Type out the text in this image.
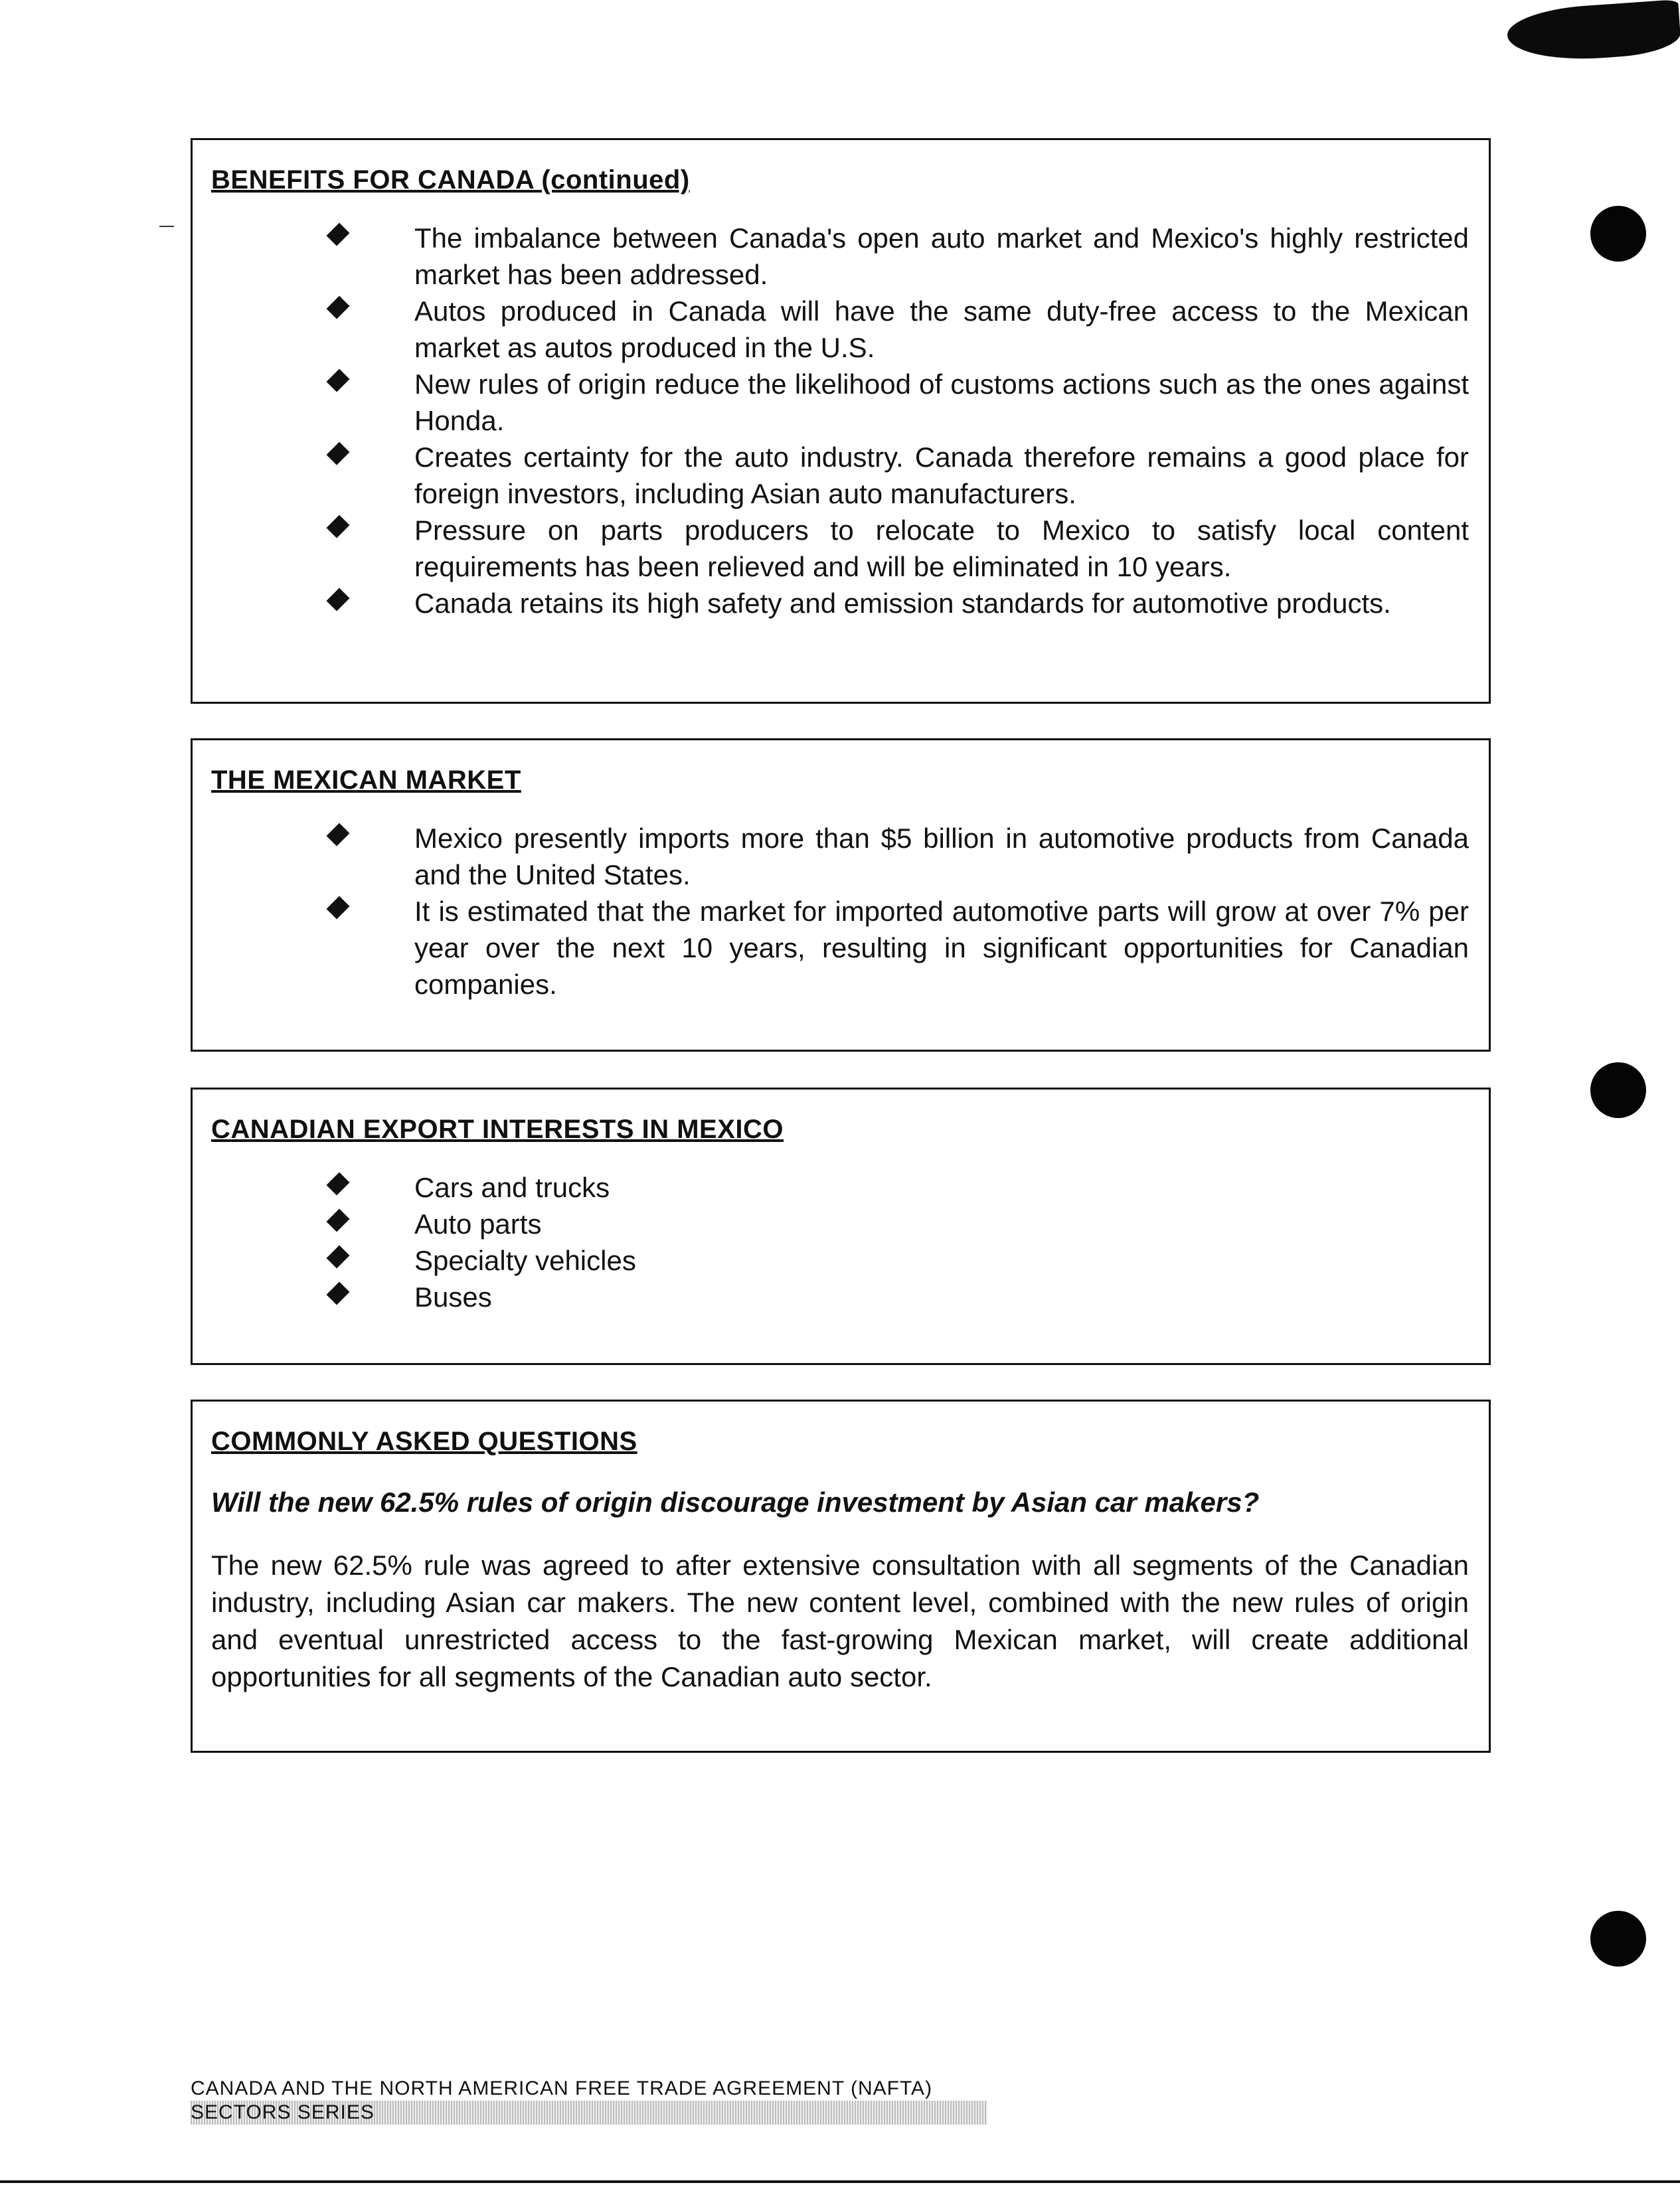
BENEFITS FOR CANADA (continued)
The imbalance between Canada's open auto market and Mexico's highly restricted market has been addressed.
Autos produced in Canada will have the same duty-free access to the Mexican market as autos produced in the U.S.
New rules of origin reduce the likelihood of customs actions such as the ones against Honda.
Creates certainty for the auto industry. Canada therefore remains a good place for foreign investors, including Asian auto manufacturers.
Pressure on parts producers to relocate to Mexico to satisfy local content requirements has been relieved and will be eliminated in 10 years.
Canada retains its high safety and emission standards for automotive products.
THE MEXICAN MARKET
Mexico presently imports more than $5 billion in automotive products from Canada and the United States.
It is estimated that the market for imported automotive parts will grow at over 7% per year over the next 10 years, resulting in significant opportunities for Canadian companies.
CANADIAN EXPORT INTERESTS IN MEXICO
Cars and trucks
Auto parts
Specialty vehicles
Buses
COMMONLY ASKED QUESTIONS

Will the new 62.5% rules of origin discourage investment by Asian car makers?

The new 62.5% rule was agreed to after extensive consultation with all segments of the Canadian industry, including Asian car makers. The new content level, combined with the new rules of origin and eventual unrestricted access to the fast-growing Mexican market, will create additional opportunities for all segments of the Canadian auto sector.

CANADA AND THE NORTH AMERICAN FREE TRADE AGREEMENT (NAFTA)
SECTORS SERIES
